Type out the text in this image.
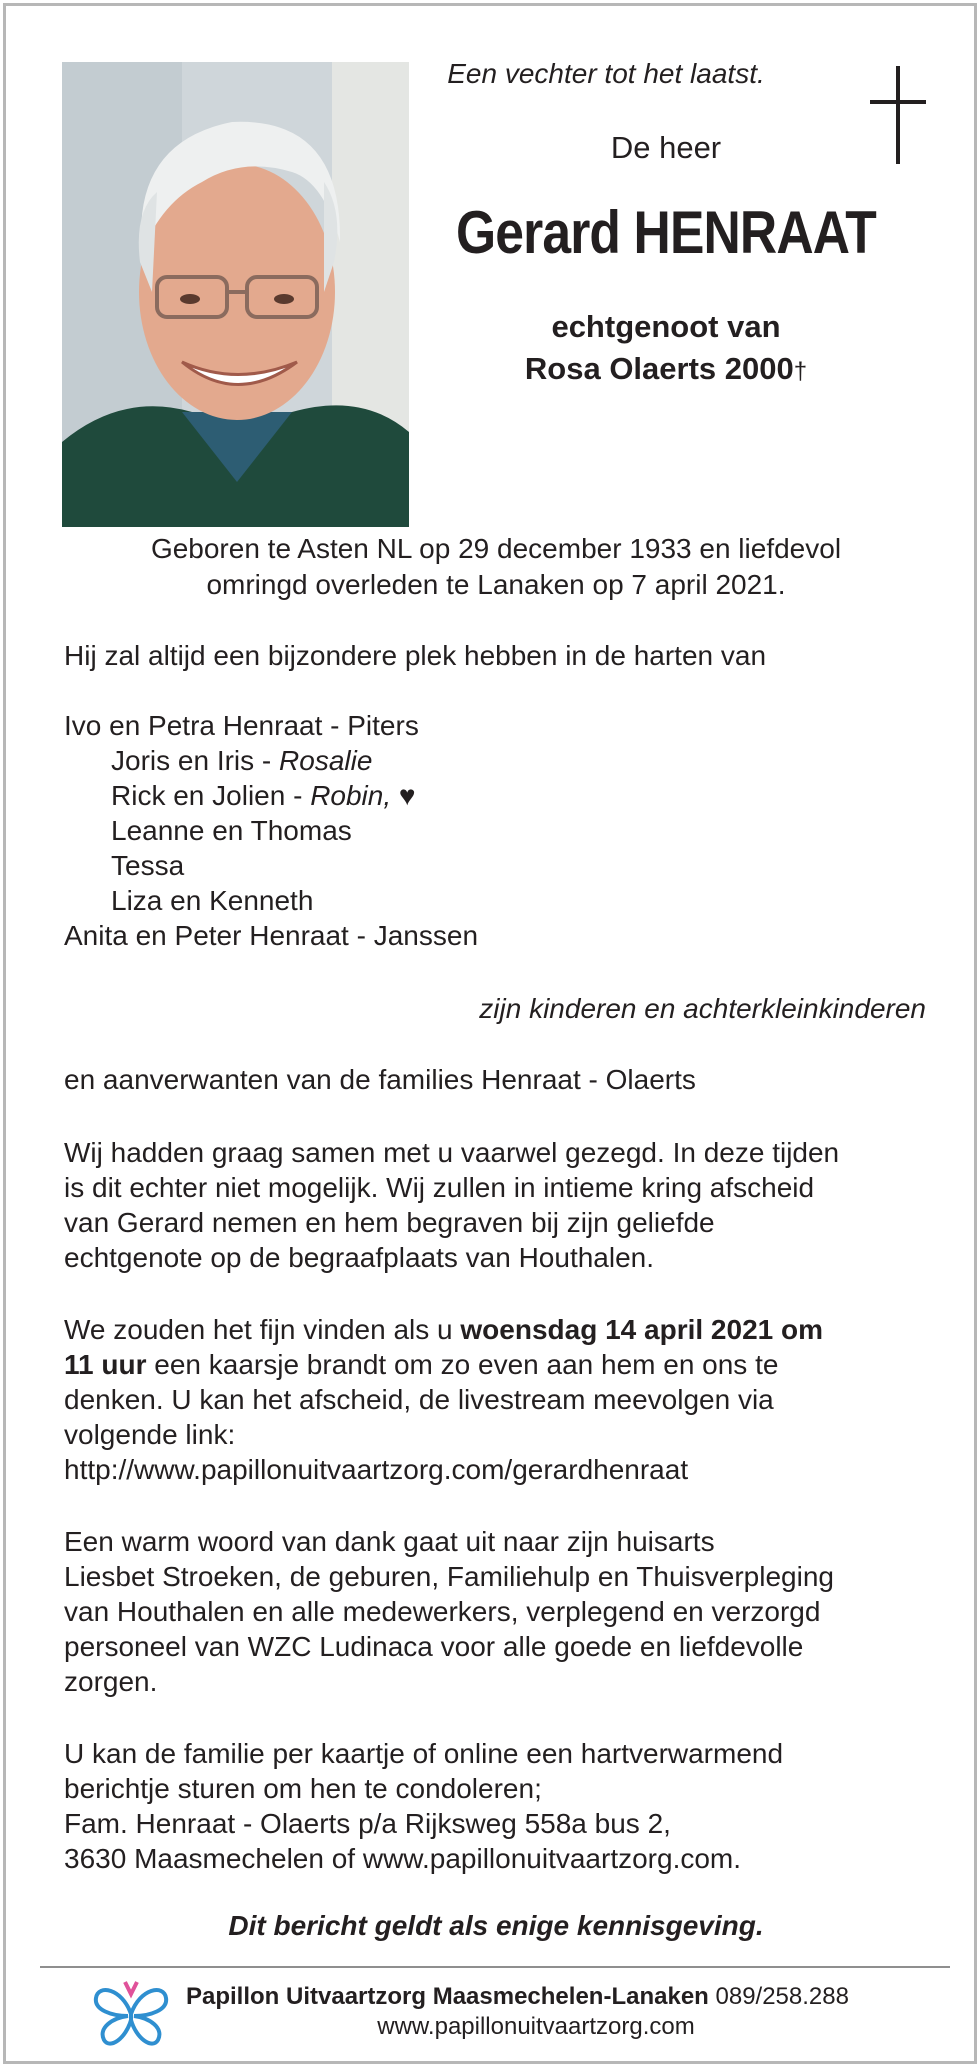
Een vechter tot het laatst.
De heer
Gerard HENRAAT
echtgenoot van
Rosa Olaerts 2000†
Geboren te Asten NL op 29 december 1933 en liefdevol
omringd overleden te Lanaken op 7 april 2021.
Hij zal altijd een bijzondere plek hebben in de harten van
Ivo en Petra Henraat - Piters
Joris en Iris - Rosalie
Rick en Jolien - Robin, ♥
Leanne en Thomas
Tessa
Liza en Kenneth
Anita en Peter Henraat - Janssen
zijn kinderen en achterkleinkinderen
en aanverwanten van de families Henraat - Olaerts
Wij hadden graag samen met u vaarwel gezegd. In deze tijden
is dit echter niet mogelijk. Wij zullen in intieme kring afscheid
van Gerard nemen en hem begraven bij zijn geliefde
echtgenote op de begraafplaats van Houthalen.
We zouden het fijn vinden als u woensdag 14 april 2021 om
11 uur een kaarsje brandt om zo even aan hem en ons te
denken. U kan het afscheid, de livestream meevolgen via
volgende link:
http://www.papillonuitvaartzorg.com/gerardhenraat
Een warm woord van dank gaat uit naar zijn huisarts
Liesbet Stroeken, de geburen, Familiehulp en Thuisverpleging
van Houthalen en alle medewerkers, verplegend en verzorgd
personeel van WZC Ludinaca voor alle goede en liefdevolle
zorgen.
U kan de familie per kaartje of online een hartverwarmend
berichtje sturen om hen te condoleren;
Fam. Henraat - Olaerts p/a Rijksweg 558a bus 2,
3630 Maasmechelen of www.papillonuitvaartzorg.com.
Dit bericht geldt als enige kennisgeving.
Papillon Uitvaartzorg Maasmechelen-Lanaken 089/258.288
www.papillonuitvaartzorg.com
